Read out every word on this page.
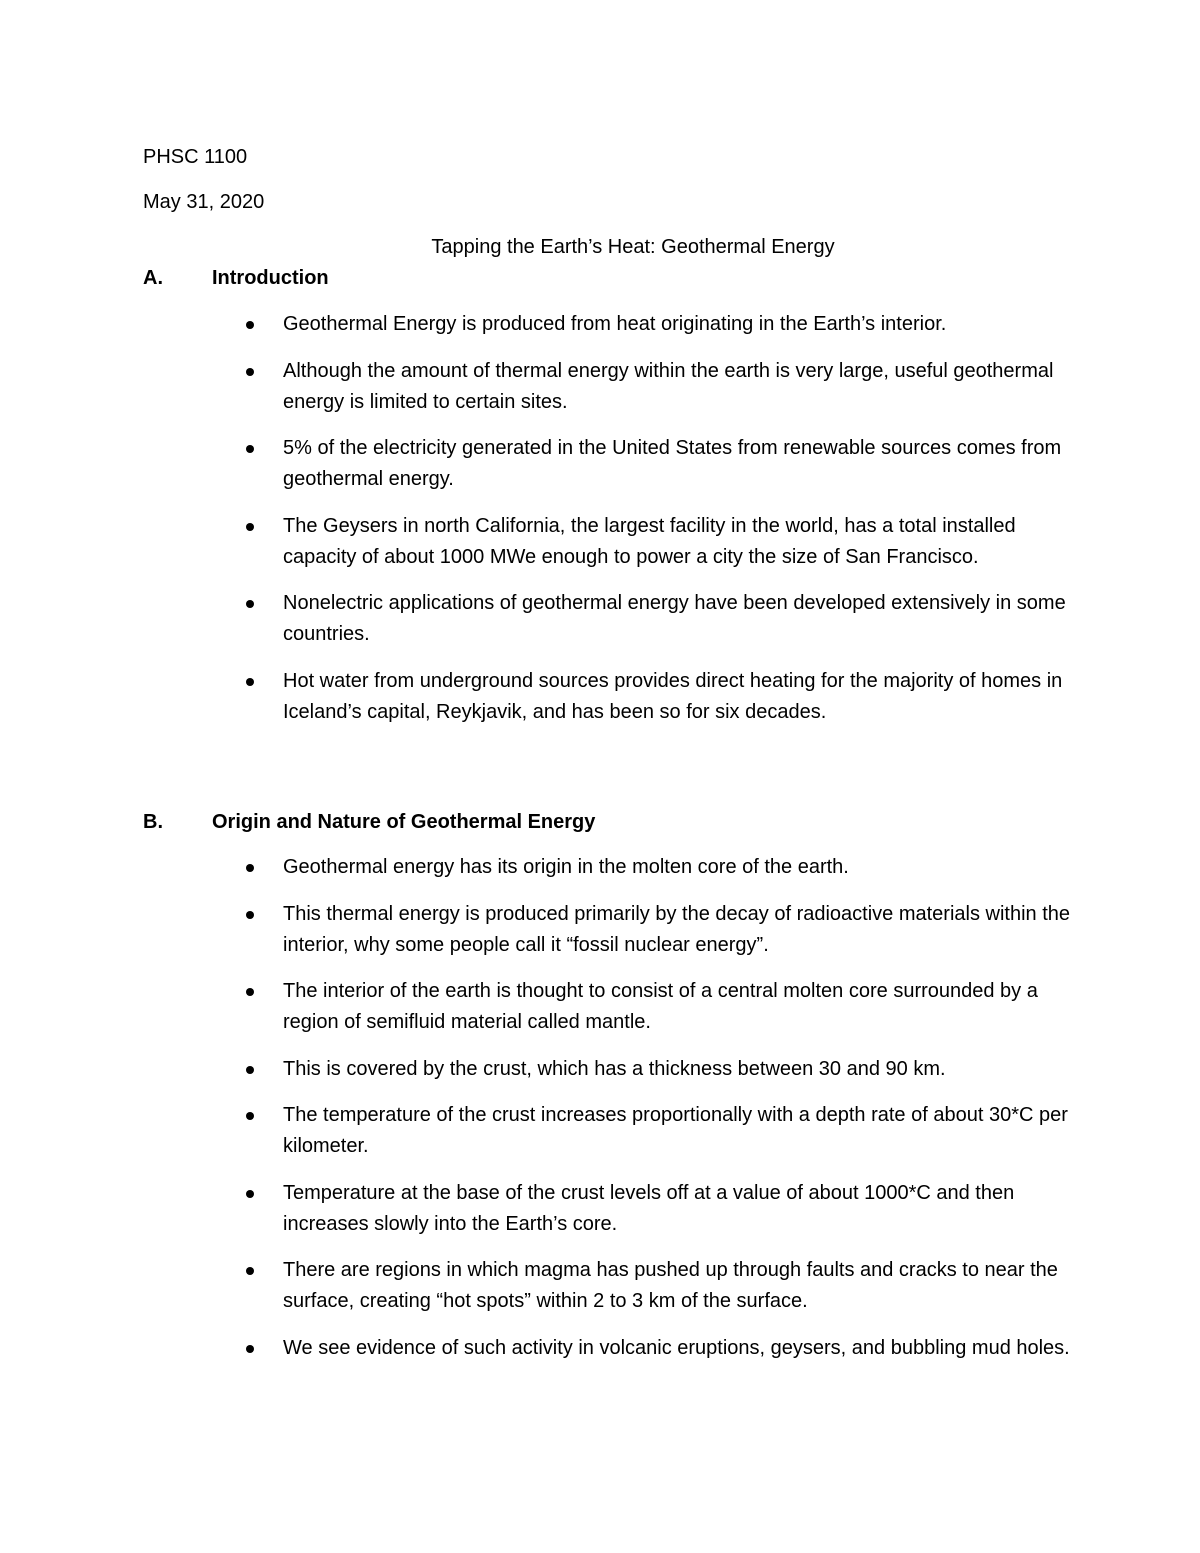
PHSC 1100
May 31, 2020
Tapping the Earth’s Heat: Geothermal Energy
A. Introduction
Geothermal Energy is produced from heat originating in the Earth’s interior.
Although the amount of thermal energy within the earth is very large, useful geothermal energy is limited to certain sites.
5% of the electricity generated in the United States from renewable sources comes from geothermal energy.
The Geysers in north California, the largest facility in the world, has a total installed capacity of about 1000 MWe enough to power a city the size of San Francisco.
Nonelectric applications of geothermal energy have been developed extensively in some countries.
Hot water from underground sources provides direct heating for the majority of homes in Iceland’s capital, Reykjavik, and has been so for six decades.
B. Origin and Nature of Geothermal Energy
Geothermal energy has its origin in the molten core of the earth.
This thermal energy is produced primarily by the decay of radioactive materials within the interior, why some people call it “fossil nuclear energy”.
The interior of the earth is thought to consist of a central molten core surrounded by a region of semifluid material called mantle.
This is covered by the crust, which has a thickness between 30 and 90 km.
The temperature of the crust increases proportionally with a depth rate of about 30*C per kilometer.
Temperature at the base of the crust levels off at a value of about 1000*C and then increases slowly into the Earth’s core.
There are regions in which magma has pushed up through faults and cracks to near the surface, creating “hot spots” within 2 to 3 km of the surface.
We see evidence of such activity in volcanic eruptions, geysers, and bubbling mud holes.
